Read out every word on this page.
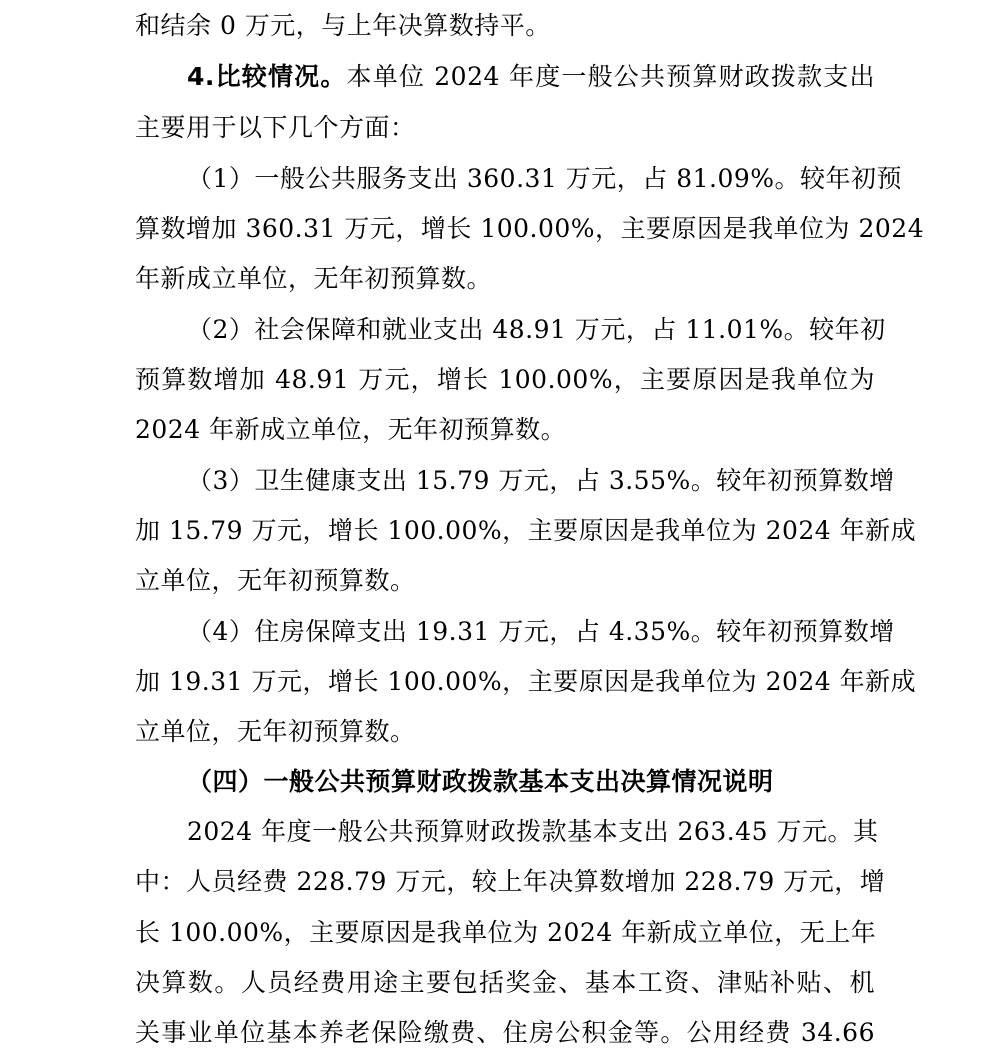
和结余 0 万元，与上年决算数持平。
4.比较情况。本单位 2024 年度一般公共预算财政拨款支出
主要用于以下几个方面：
（1）一般公共服务支出 360.31 万元，占 81.09%。较年初预
算数增加 360.31 万元，增长 100.00%，主要原因是我单位为 2024
年新成立单位，无年初预算数。
（2）社会保障和就业支出 48.91 万元，占 11.01%。较年初
预算数增加 48.91 万元，增长 100.00%，主要原因是我单位为
2024 年新成立单位，无年初预算数。
（3）卫生健康支出 15.79 万元，占 3.55%。较年初预算数增
加 15.79 万元，增长 100.00%，主要原因是我单位为 2024 年新成
立单位，无年初预算数。
（4）住房保障支出 19.31 万元，占 4.35%。较年初预算数增
加 19.31 万元，增长 100.00%，主要原因是我单位为 2024 年新成
立单位，无年初预算数。
（四）一般公共预算财政拨款基本支出决算情况说明
2024 年度一般公共预算财政拨款基本支出 263.45 万元。其
中：人员经费 228.79 万元，较上年决算数增加 228.79 万元，增
长 100.00%，主要原因是我单位为 2024 年新成立单位，无上年
决算数。人员经费用途主要包括奖金、基本工资、津贴补贴、机
关事业单位基本养老保险缴费、住房公积金等。公用经费 34.66
